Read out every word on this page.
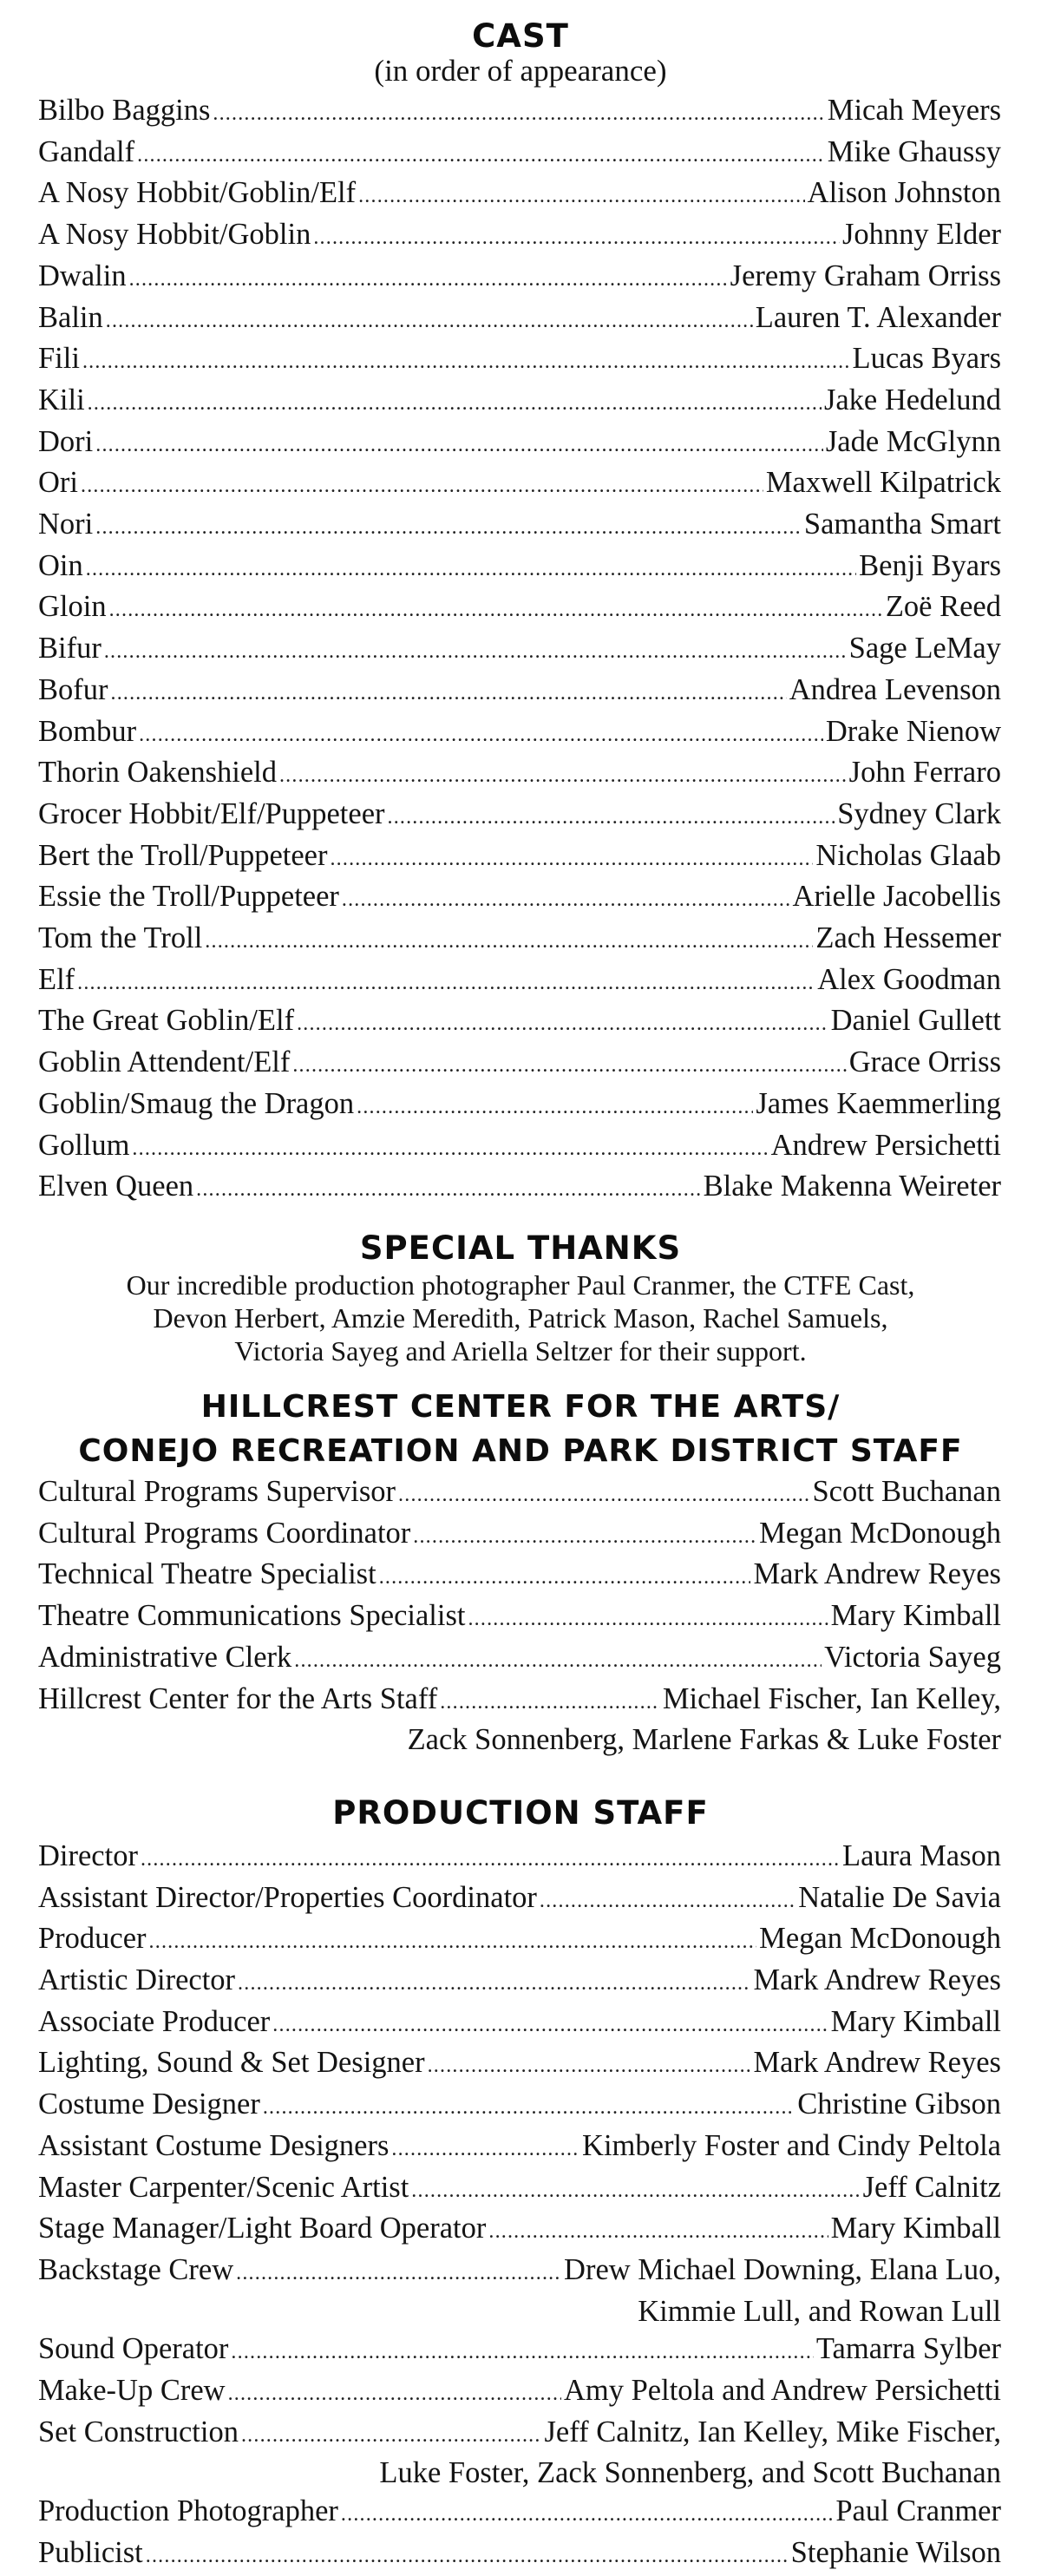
CAST
(in order of appearance)
Bilbo Baggins .....	Micah Meyers
Gandalf .....	Mike Ghaussy
A Nosy Hobbit/Goblin/Elf .....	Alison Johnston
A Nosy Hobbit/Goblin .....	Johnny Elder
Dwalin .....	Jeremy Graham Orriss
Balin .....	Lauren T. Alexander
Fili .....	Lucas Byars
Kili .....	Jake Hedelund
Dori .....	Jade McGlynn
Ori .....	Maxwell Kilpatrick
Nori .....	Samantha Smart
Oin .....	Benji Byars
Gloin .....	Zoë Reed
Bifur .....	Sage LeMay
Bofur .....	Andrea Levenson
Bombur .....	Drake Nienow
Thorin Oakenshield .....	John Ferraro
Grocer Hobbit/Elf/Puppeteer .....	Sydney Clark
Bert the Troll/Puppeteer .....	Nicholas Glaab
Essie the Troll/Puppeteer .....	Arielle Jacobellis
Tom the Troll .....	Zach Hessemer
Elf .....	Alex Goodman
The Great Goblin/Elf .....	Daniel Gullett
Goblin Attendent/Elf .....	Grace Orriss
Goblin/Smaug the Dragon .....	James Kaemmerling
Gollum .....	Andrew Persichetti
Elven Queen .....	Blake Makenna Weireter
SPECIAL THANKS
Our incredible production photographer Paul Cranmer, the CTFE Cast,
Devon Herbert, Amzie Meredith, Patrick Mason, Rachel Samuels,
Victoria Sayeg and Ariella Seltzer for their support.
HILLCREST CENTER FOR THE ARTS/
CONEJO RECREATION AND PARK DISTRICT STAFF
Cultural Programs Supervisor .....	Scott Buchanan
Cultural Programs Coordinator .....	Megan McDonough
Technical Theatre Specialist .....	Mark Andrew Reyes
Theatre Communications Specialist .....	Mary Kimball
Administrative Clerk .....	Victoria Sayeg
Hillcrest Center for the Arts Staff .....	Michael Fischer, Ian Kelley,
Zack Sonnenberg, Marlene Farkas & Luke Foster
PRODUCTION STAFF
Director .....	Laura Mason
Assistant Director/Properties Coordinator .....	Natalie De Savia
Producer .....	Megan McDonough
Artistic Director .....	Mark Andrew Reyes
Associate Producer .....	Mary Kimball
Lighting, Sound & Set Designer .....	Mark Andrew Reyes
Costume Designer .....	Christine Gibson
Assistant Costume Designers .....	Kimberly Foster and Cindy Peltola
Master Carpenter/Scenic Artist .....	Jeff Calnitz
Stage Manager/Light Board Operator .....	Mary Kimball
Backstage Crew .....	Drew Michael Downing, Elana Luo,
Kimmie Lull, and Rowan Lull
Sound Operator .....	Tamarra Sylber
Make-Up Crew .....	Amy Peltola and Andrew Persichetti
Set Construction .....	Jeff Calnitz, Ian Kelley, Mike Fischer,
Luke Foster, Zack Sonnenberg, and Scott Buchanan
Production Photographer .....	Paul Cranmer
Publicist .....	Stephanie Wilson
